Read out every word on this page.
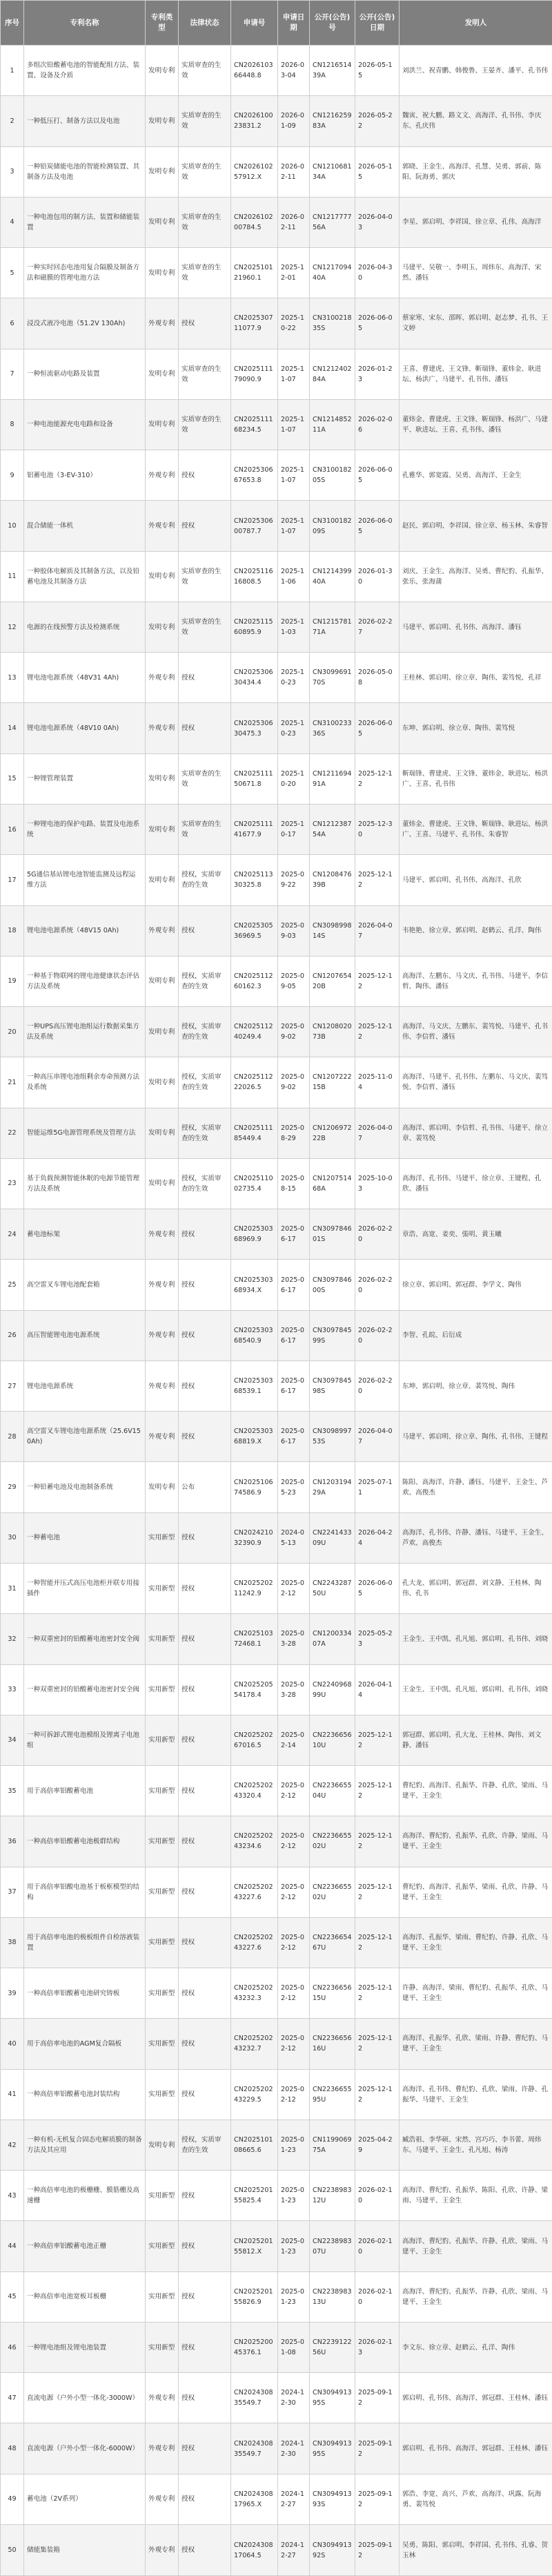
序号	专利名称	专利类型	法律状态	申请号	申请日期	公开(公告)号	公开(公告)日期	发明人
1	多组次铅酸蓄电池的智能配组方法、装置、设备及介质	发明专利	实质审查的生效	CN202610366448.8	2026-03-04	CN121651439A	2026-05-15	刘洪兰、祝青鹏、韩俊鲁、王晏齐、潘平、孔书伟
2	一种低压打、制备方法以及电池	发明专利	实质审查的生效	CN202610023831.2	2026-01-09	CN121625983A	2026-05-22	魏寅、祝大鹏、路文文、高海洋、孔书伟、李庆东、孔庆伟
3	一种铅炭储能电池的智能检测装置、其制备方法及电池	发明专利	实质审查的生效	CN202610257912.X	2026-02-11	CN121068134A	2026-05-15	郭晓、王金生、高海洋、孔慧、吴勇、郭前、陈阳、阮海勇、郭庆
4	一种电池包用的制方法、装置和储能装置	发明专利	实质审查的生效	CN202610200784.5	2026-02-11	CN121777756A	2026-04-03	李星、郭启明、李祥国、徐立章、孔伟、高海洋
5	一种实时回态电池用复合隔膜及制备方法和磁膜的管理电池方法	发明专利	实质审查的生效	CN202510121960.1	2025-12-01	CN121709440A	2026-04-30	马建平、吴敬一、李明玉、周炜东、高海洋、宋然、潘钰
6	浸没式液冷电池（51.2V 130Ah)	外观专利	授权	CN202530711077.9	2025-10-22	CN310021835S	2026-06-05	蔡家寒、宋东、邵晖、郭启明、赵志梦、孔书、王文婷
7	一种恒流驱动电路及装置	发明专利	实质审查的生效	CN202511179090.9	2025-11-07	CN121240284A	2026-01-23	王喜、曹建虎、王文锋、靳瑞锋、董炜金、耿进坛、杨洪广、马建平、孔书伟、潘钰
8	一种电池能源充电电路和设备	发明专利	实质审查的生效	CN202511168234.5	2025-11-07	CN121485211A	2026-02-06	董炜金、曹建虎、王文锋、靳瑞锋、杨洪广、马建平、耿进坛、王喜、孔书伟、潘钰
9	铝蓄电池（3-EV-310）	外观专利	授权	CN202530667653.8	2025-11-07	CN310018205S	2026-06-05	孔雅华、郭宽霞、吴勇、高海洋、王金生
10	混合储能一体机	外观专利	授权	CN202530600787.7	2025-11-07	CN310018209S	2026-06-05	赵民、郭启明、李祥国、徐立章、杨玉林、朱睿智
11	一种胶体电解质及其制备方法，以及铅蓄电池及其制备方法	发明专利	实质审查的生效	CN202511616808.5	2025-11-06	CN121439940A	2026-01-30	刘庆、王金生、高海洋、吴勇、曹纪豹、孔振华、张乐、张海蒲
12	电源的在线预警方法及检测系统	发明专利	实质审查的生效	CN202511560895.9	2025-11-03	CN121578171A	2026-02-27	马建平、郭启明、孔书伟、高海洋、潘钰
13	锂电池电源系统（48V31 4Ah)	外观专利	授权	CN202530630434.4	2025-10-23	CN309969170S	2026-05-08	王桂林、郭启明、徐立章、陶伟、裴笃悦、孔祥
14	锂电池电源系统（48V10 0Ah)	外观专利	授权	CN202530630475.3	2025-10-23	CN310023336S	2026-06-05	东坤、郭启明、徐立章、陶伟、裴笃悦
15	一种锂管理装置	发明专利	实质审查的生效	CN202511150671.8	2025-10-20	CN121169491A	2025-12-12	靳瑞锋、曹建虎、王文锋、董炜金、耿进坛、杨洪广、王喜、孔书伟
16	一种锂电池的保护电路、装置及电池系统	发明专利	实质审查的生效	CN202511141677.9	2025-10-17	CN121238754A	2025-12-30	董炜金、曹建虎、王文锋、靳瑞锋、耿进坛、杨洪广、王喜、马建平、孔书伟、朱睿智
17	5G通信基站锂电池智能监测及远程运维方法	发明专利	授权，实质审查的生效	CN202511330325.8	2025-09-22	CN120847639B	2025-12-12	马建平、郭启明、孔书伟、高海洋、孔欣
18	锂电池电源系统（48V15 0Ah)	外观专利	授权	CN202530536969.5	2025-09-03	CN309899814S	2026-04-07	韦艳艳、徐立章、郭启明、赵鹤云、孔洋、陶伟
19	一种基于物联网的锂电池健康状态评估方法及系统	发明专利	授权，实质审查的生效	CN202511260162.3	2025-09-05	CN120765420B	2025-12-12	高海洋、左鹏东、马文庆、孔书伟、马建平、李信哲、陶伟、潘钰
20	一种UPS高压锂电池组运行数据采集方法及系统	发明专利	授权，实质审查的生效	CN202511240249.4	2025-09-02	CN120802073B	2025-12-12	高海洋、马文庆、左鹏东、裴笃悦、马建平、孔书伟、李信哲、潘钰
21	一种高压串锂电池组剩余寿命预测方法及系统	发明专利	授权，实质审查的生效	CN202511222026.5	2025-09-02	CN120722215B	2025-11-04	高海洋、马建平、孔书伟、左鹏东、马文庆、裴笃悦、李信哲、潘钰
22	智能运维5G电源管理系统及管理方法	发明专利	授权，实质审查的生效	CN202511185449.4	2025-08-29	CN120697222B	2026-04-07	高海洋、郭启明、李信哲、孔书伟、马建平、徐立章、裴笃悦
23	基于负载预测智能休眠的电源节能管理方法及系统	发明专利	授权，实质审查的生效	CN202511002735.4	2025-08-15	CN120751468A	2025-10-03	高海洋、孔书伟、马建平、徐立章、王键程、孔欣、潘钰
24	蓄电池标架	外观专利	授权	CN202530368969.9	2025-06-17	CN309784601S	2026-02-20	章浩、高宽、姜奕、張明、黄玉曦
25	高空雷叉车锂电池配套箱	外观专利	授权	CN202530368934.X	2025-06-17	CN309784600S	2026-02-20	徐立章、郭启明、郭冠群、李学文、陶伟
26	高压智能锂电池电源系统	外观专利	授权	CN202530368540.9	2025-06-17	CN309784599S	2026-02-20	李智、孔皖、后衍成
27	锂电池电源系统	外观专利	授权	CN202530368539.1	2025-06-17	CN309784598S	2026-02-20	东坤、郭启明、徐立章、裴笃悦、陶伟
28	高空雷叉车锂电池电源系统（25.6V150Ah)	外观专利	授权	CN202530368819.X	2025-06-17	CN309899753S	2026-04-07	马建平、郭启明、徐立章、陶伟、孔书伟、王键程
29	一种铅蓄电池及电池制备系统	发明专利	公布	CN202510674586.9	2025-05-23	CN120319429A	2025-07-11	陈阳、高海洋、许静、潘钰、马建平、王金生、芦欢、高俊杰
30	一种蓄电池	实用新型	授权	CN202421032390.9	2024-05-13	CN224143309U	2026-04-24	高海洋、孔书伟、许静、潘钰、马建平、王金生、芦欢、高俊杰
31	一种智能并压式高压电池柜并联专用接插件	实用新型	授权	CN202520211242.9	2025-02-12	CN224328750U	2026-06-05	孔大龙、郭启明、郭冠群、刘文静、王桂林、陶伟、孔书
32	一种双重密封的铅酸蓄电池密封安全阀	实用新型	授权	CN202510372468.1	2025-03-28	CN120033407A	2025-05-23	王金生、王中凯、孔凡旭、郭启明、孔书伟、刘晓
33	一种双重密封的铅酸蓄电池密封安全阀	实用新型	授权	CN202520554178.4	2025-03-28	CN224096899U	2026-04-14	王金生、王中凯、孔凡旭、郭启明、孔书伟、刘晓
34	一种可拆卸式锂电池模组及锂离子电池组	实用新型	授权	CN202520267016.5	2025-02-14	CN223665610U	2025-12-12	郭冠群、郭启明、孔大龙、王桂林、陶伟、刘文静、潘钰
35	用于高倍率铝酸蓄电池	实用新型	授权	CN202520243320.4	2025-02-12	CN223665504U	2025-12-12	曹纪豹、高海洋、孔振华、许静、孔欣、梁雨、马建平、王金生
36	一种高倍率铅酸蓄电池极群结构	实用新型	授权	CN202520243234.6	2025-02-12	CN223665502U	2025-12-12	高海洋、曹纪豹、孔振华、孔欣、许静、梁雨、马建平、王金生
37	用于高倍率铝酸电池基于板框模型的结构	实用新型	授权	CN202520243227.6	2025-02-12	CN223665502U	2025-12-12	曹纪豹、高海洋、孔振华、梁雨、孔欣、许静、马建平、王金生
38	用于高倍率电池的极板组件自检溶液装置	实用新型	授权	CN202520243227.6	2025-02-12	CN223665467U	2025-12-12	高海洋、孔振华、梁雨、曹纪豹、许静、孔欣、马建平、王金生
39	一种高倍率铝酸蓄电池研究铸板	实用新型	授权	CN202520243232.3	2025-02-12	CN223665615U	2025-12-12	许静、高海洋、梁雨、曹纪豹、孔振华、孔欣、马建平、王金生
40	用于高倍率电池的AGM复合隔板	实用新型	授权	CN202520243232.7	2025-02-12	CN223665616U	2025-12-12	高海洋、孔振华、孔欣、梁雨、许静、曹纪豹、马建平、王金生
41	一种高倍率铝酸蓄电池封装结构	实用新型	授权	CN202520243229.5	2025-02-12	CN223665595U	2025-12-12	高海洋、孔书伟、曹纪豹、孔欣、梁雨、许静、孔振华、马建平、王金生
42	一种有机-无机复合固态电解质膜的制备方法及其应用	发明专利	授权，实质审查的生效	CN202510108665.6	2025-01-23	CN119906975A	2025-04-29	臧浩祖、李华硕、宋然、宫巧巧、李书蕾、周炜东、马建平、王金生、孔凡旭、杨涛
43	一种高倍率电池的极栅栅、膜筋栅及高速栅	实用新型	授权	CN202520155825.4	2025-01-23	CN223898312U	2026-02-10	高海洋、曹纪豹、孔振华、陈阳、孔欣、许静、梁雨、马建平、王金生
44	一种高倍率铝酸蓄电池正栅	实用新型	授权	CN202520155812.X	2025-01-23	CN223898307U	2026-02-10	高海洋、曹纪豹、孔振华、许静、孔欣、梁雨、马建平、王金生
45	一种高倍率电池宽板耳板栅	实用新型	授权	CN202520155826.9	2025-01-23	CN223898313U	2026-02-10	高海洋、曹纪豹、孔振华、许静、孔欣、梁雨、马建平、王金生
46	一种锂电池组及锂电池装置	实用新型	授权	CN202520045376.1	2025-01-08	CN223912256U	2026-02-13	李文东、徐立章、赵鹤云、孔洋、陶伟
47	直流电源（户外小型一体化-3000W）	外观专利	授权	CN202430835549.7	2024-12-30	CN309491395S	2025-09-12	郭启明、孔书伟、高海洋、郭冠群、王桂林、潘钰
48	直流电源（户外小型一体化-6000W）	外观专利	授权	CN202430835549.7	2024-12-30	CN309491395S	2025-09-12	郭启明、孔书伟、高海洋、郭冠群、王桂林、潘钰
49	蓄电池（2V系列）	外观专利	授权	CN202430817965.X	2024-12-27	CN309491393S	2025-09-12	郭浩、李宽、高兴、芦欢、高海洋、巩露、阮海勇、裴笃悦
50	储能集装箱	外观专利	授权	CN202430817064.5	2024-12-27	CN309491392S	2025-09-12	吴勇、陈阳、郭启明、李祥国、孔书伟、孔睿、贺玉林
